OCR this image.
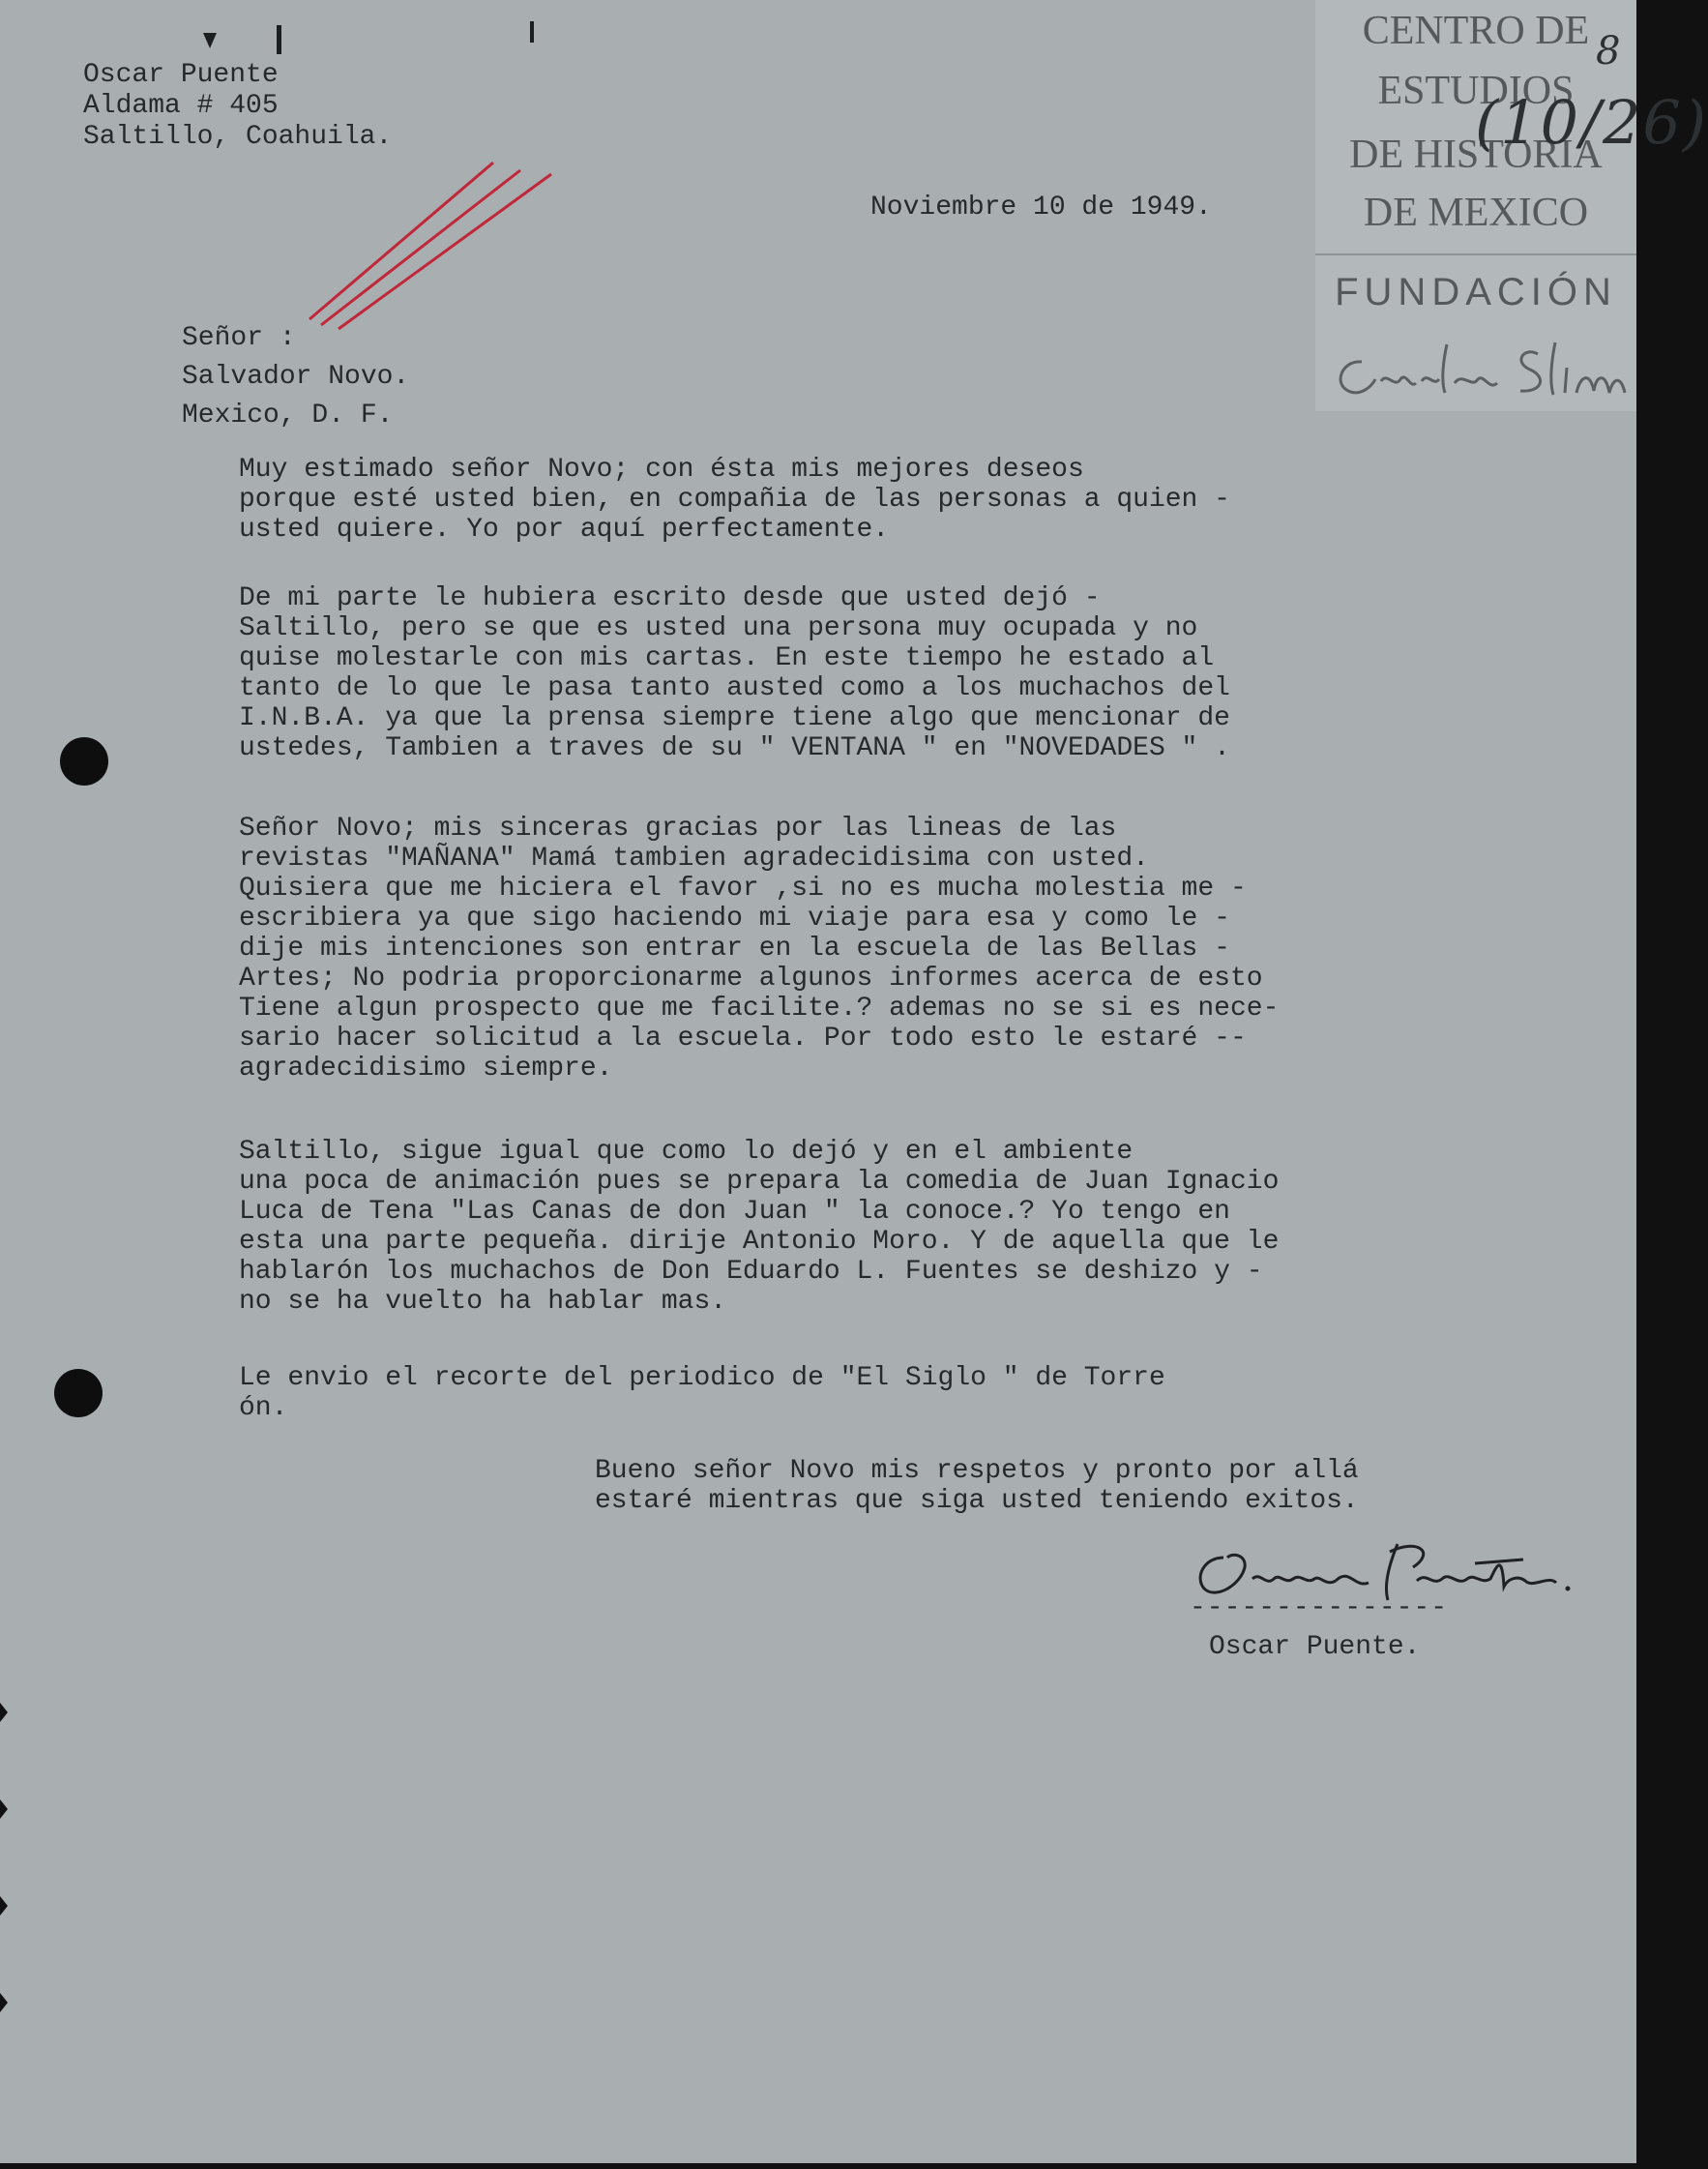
Oscar Puente
Aldama # 405
Saltillo, Coahuila.
Noviembre 10 de 1949.
Señor :
Salvador Novo.
Mexico, D. F.
Muy estimado señor Novo; con ésta mis mejores deseos
porque esté usted bien, en compañia de las personas a quien -
usted quiere. Yo por aquí perfectamente.
De mi parte le hubiera escrito desde que usted dejó -
Saltillo, pero se que es usted una persona muy ocupada y no
quise molestarle con mis cartas. En este tiempo he estado al
tanto de lo que le pasa tanto austed como a los muchachos del
I.N.B.A. ya que la prensa siempre tiene algo que mencionar de
ustedes, Tambien a traves de su " VENTANA " en "NOVEDADES " .
Señor Novo; mis sinceras gracias por las lineas de las
revistas "MAÑANA" Mamá tambien agradecidisima con usted.
Quisiera que me hiciera el favor ,si no es mucha molestia me -
escribiera ya que sigo haciendo mi viaje para esa y como le -
dije mis intenciones son entrar en la escuela de las Bellas -
Artes; No podria proporcionarme algunos informes acerca de esto
Tiene algun prospecto que me facilite.? ademas no se si es nece-
sario hacer solicitud a la escuela. Por todo esto le estaré --
agradecidisimo siempre.
Saltillo, sigue igual que como lo dejó y en el ambiente
una poca de animación pues se prepara la comedia de Juan Ignacio
Luca de Tena "Las Canas de don Juan " la conoce.? Yo tengo en
esta una parte pequeña. dirije Antonio Moro. Y de aquella que le
hablarón los muchachos de Don Eduardo L. Fuentes se deshizo y -
no se ha vuelto ha hablar mas.
Le envio el recorte del periodico de "El Siglo " de Torre
ón.
Bueno señor Novo mis respetos y pronto por allá
estaré mientras que siga usted teniendo exitos.
---------------
Oscar Puente.
CENTRO DE
ESTUDIOS
DE HISTORIA
DE MEXICO
FUNDACIÓN
8
(10/26)
